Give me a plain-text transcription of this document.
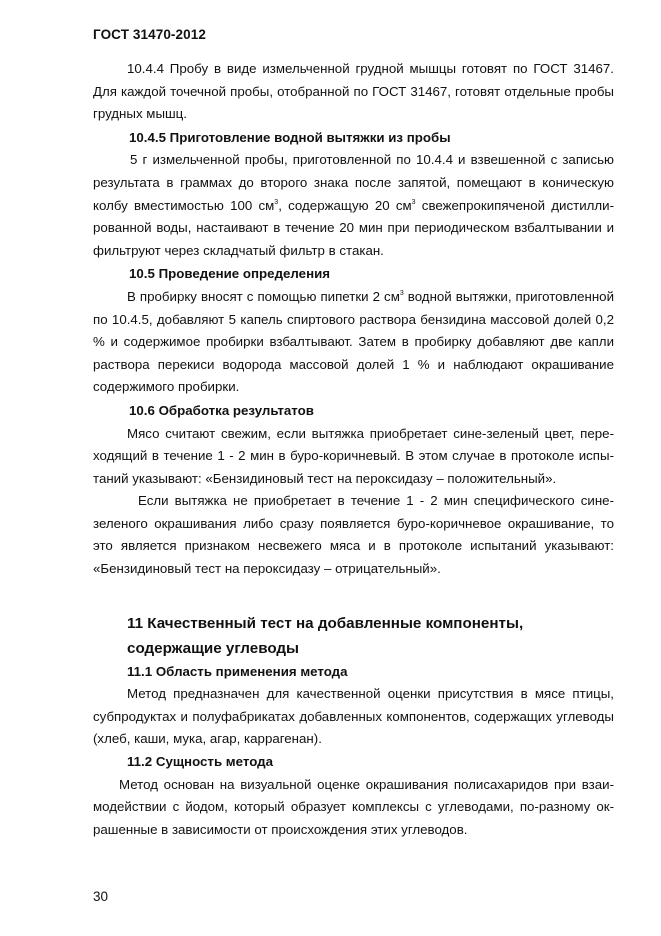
ГОСТ 31470-2012

10.4.4 Пробу в виде измельченной грудной мышцы готовят по ГОСТ 31467. Для каждой точечной пробы, отобранной по ГОСТ 31467, готовят отдельные пробы грудных мышц.

10.4.5 Приготовление водной вытяжки из пробы

5 г измельченной пробы, приготовленной по 10.4.4 и взвешенной с записью результата в граммах до второго знака после запятой, помещают в коническую колбу вместимостью 100 $см^3$, содержащую 20 $см^3$ свежепрокипяченой дистиллированной воды, настаивают в течение 20 мин при периодическом взбалтывании и фильтруют через складчатый фильтр в стакан.

10.5 Проведение определения

В пробирку вносят с помощью пипетки 2 $см^3$ водной вытяжки, приготовленной по 10.4.5, добавляют 5 капель спиртового раствора бензидина массовой долей 0,2 % и содержимое пробирки взбалтывают. Затем в пробирку добавляют две капли раствора перекиси водорода массовой долей 1 % и наблюдают окрашивание содержимого пробирки.

10.6 Обработка результатов

Мясо считают свежим, если вытяжка приобретает сине-зеленый цвет, переходящий в течение 1 - 2 мин в буро-коричневый. В этом случае в протоколе испытаний указывают: «Бензидиновый тест на пероксидазу – положительный».

Если вытяжка не приобретает в течение 1 - 2 мин специфического сине-зеленого окрашивания либо сразу появляется буро-коричневое окрашивание, то это является признаком несвежего мяса и в протоколе испытаний указывают: «Бензидиновый тест на пероксидазу – отрицательный».

11 Качественный тест на добавленные компоненты, содержащие углеводы

11.1 Область применения метода

Метод предназначен для качественной оценки присутствия в мясе птицы, субпродуктах и полуфабрикатах добавленных компонентов, содержащих углеводы (хлеб, каши, мука, агар, каррагенан).

11.2 Сущность метода

Метод основан на визуальной оценке окрашивания полисахаридов при взаимодействии с йодом, который образует комплексы с углеводами, по-разному окрашенные в зависимости от происхождения этих углеводов.

30
